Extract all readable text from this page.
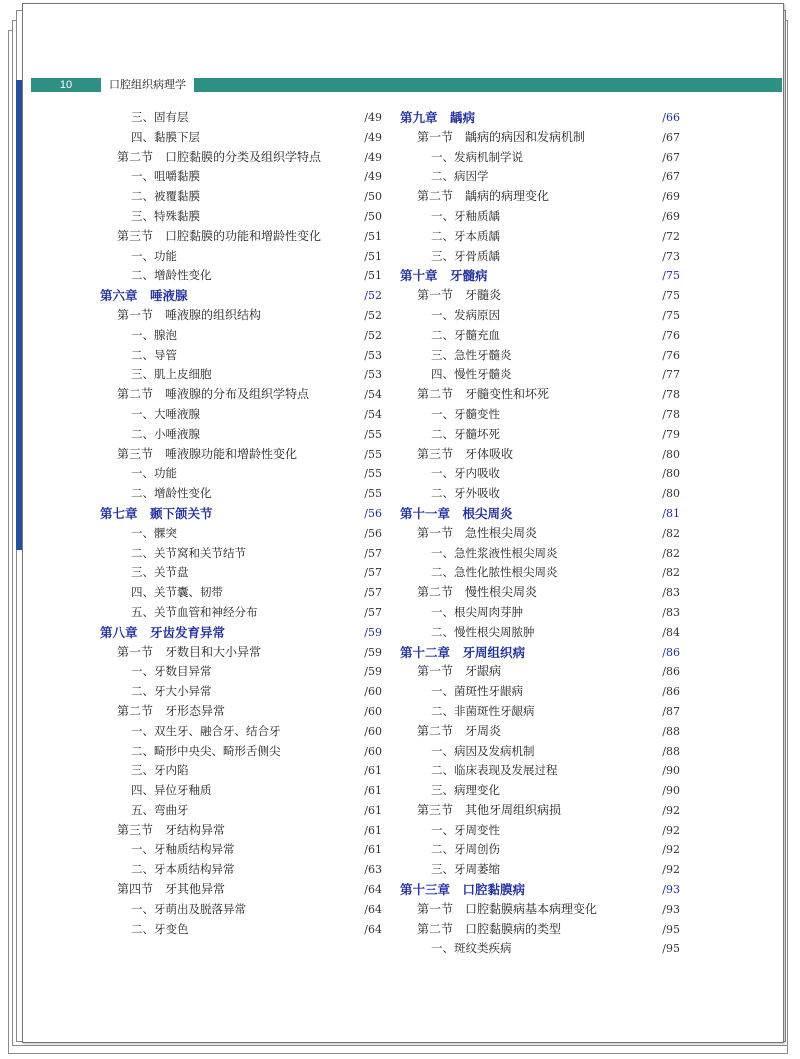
10	口腔组织病理学
三、固有层	/49
四、黏膜下层	/49
第二节　口腔黏膜的分类及组织学特点	/49
一、咀嚼黏膜	/49
二、被覆黏膜	/50
三、特殊黏膜	/50
第三节　口腔黏膜的功能和增龄性变化	/51
一、功能	/51
二、增龄性变化	/51
第六章　唾液腺	/52
第一节　唾液腺的组织结构	/52
一、腺泡	/52
二、导管	/53
三、肌上皮细胞	/53
第二节　唾液腺的分布及组织学特点	/54
一、大唾液腺	/54
二、小唾液腺	/55
第三节　唾液腺功能和增龄性变化	/55
一、功能	/55
二、增龄性变化	/55
第七章　颞下颌关节	/56
一、髁突	/56
二、关节窝和关节结节	/57
三、关节盘	/57
四、关节囊、韧带	/57
五、关节血管和神经分布	/57
第八章　牙齿发育异常	/59
第一节　牙数目和大小异常	/59
一、牙数目异常	/59
二、牙大小异常	/60
第二节　牙形态异常	/60
一、双生牙、融合牙、结合牙	/60
二、畸形中央尖、畸形舌侧尖	/60
三、牙内陷	/61
四、异位牙釉质	/61
五、弯曲牙	/61
第三节　牙结构异常	/61
一、牙釉质结构异常	/61
二、牙本质结构异常	/63
第四节　牙其他异常	/64
一、牙萌出及脱落异常	/64
二、牙变色	/64
第九章　龋病	/66
第一节　龋病的病因和发病机制	/67
一、发病机制学说	/67
二、病因学	/67
第二节　龋病的病理变化	/69
一、牙釉质龋	/69
二、牙本质龋	/72
三、牙骨质龋	/73
第十章　牙髓病	/75
第一节　牙髓炎	/75
一、发病原因	/75
二、牙髓充血	/76
三、急性牙髓炎	/76
四、慢性牙髓炎	/77
第二节　牙髓变性和坏死	/78
一、牙髓变性	/78
二、牙髓坏死	/79
第三节　牙体吸收	/80
一、牙内吸收	/80
二、牙外吸收	/80
第十一章　根尖周炎	/81
第一节　急性根尖周炎	/82
一、急性浆液性根尖周炎	/82
二、急性化脓性根尖周炎	/82
第二节　慢性根尖周炎	/83
一、根尖周肉芽肿	/83
二、慢性根尖周脓肿	/84
第十二章　牙周组织病	/86
第一节　牙龈病	/86
一、菌斑性牙龈病	/86
二、非菌斑性牙龈病	/87
第二节　牙周炎	/88
一、病因及发病机制	/88
二、临床表现及发展过程	/90
三、病理变化	/90
第三节　其他牙周组织病损	/92
一、牙周变性	/92
二、牙周创伤	/92
三、牙周萎缩	/92
第十三章　口腔黏膜病	/93
第一节　口腔黏膜病基本病理变化	/93
第二节　口腔黏膜病的类型	/95
一、斑纹类疾病	/95
